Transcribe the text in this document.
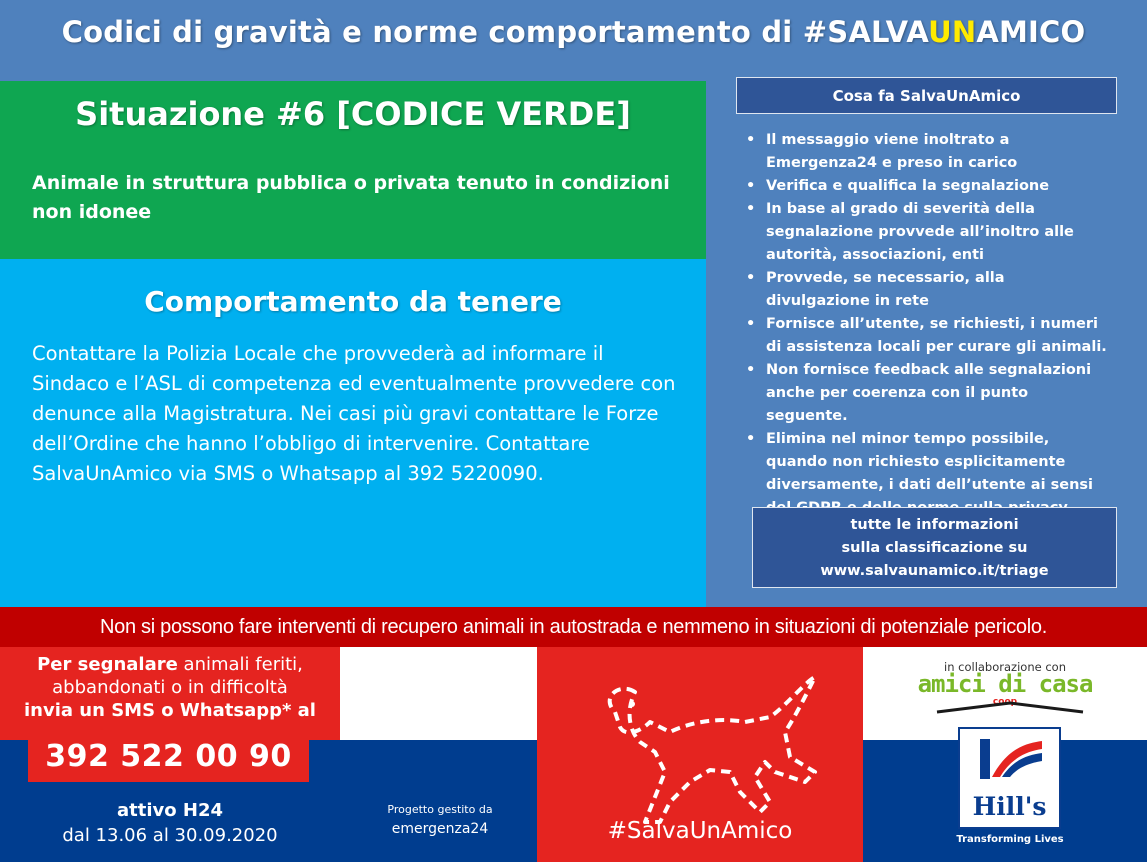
Codici di gravità e norme comportamento di #SALVAUNAMICO
Situazione #6 [CODICE VERDE]

Animale in struttura pubblica o privata tenuto in condizioni non idonee

Comportamento da tenere

Contattare la Polizia Locale che provvederà ad informare il Sindaco e l’ASL di competenza ed eventualmente provvedere con denunce alla Magistratura. Nei casi più gravi contattare le Forze dell’Ordine che hanno l’obbligo di intervenire. Contattare SalvaUnAmico via SMS o Whatsapp al 392 5220090.

Cosa fa SalvaUnAmico
• Il messaggio viene inoltrato a Emergenza24 e preso in carico
• Verifica e qualifica la segnalazione
• In base al grado di severità della segnalazione provvede all’inoltro alle autorità, associazioni, enti
• Provvede, se necessario, alla divulgazione in rete
• Fornisce all’utente, se richiesti, i numeri di assistenza locali per curare gli animali.
• Non fornisce feedback alle segnalazioni anche per coerenza con il punto seguente.
• Elimina nel minor tempo possibile, quando non richiesto esplicitamente diversamente, i dati dell’utente ai sensi
tutte le informazioni
sulla classificazione su
www.salvaunamico.it/triage
Non si possono fare interventi di recupero animali in autostrada e nemmeno in situazioni di potenziale pericolo.
Per segnalare animali feriti,
abbandonati o in difficoltà
invia un SMS o Whatsapp* al
392 522 00 90
attivo H24
dal 13.06 al 30.09.2020
Progetto gestito da
emergenza24	#SalvaUnAmico
in collaborazione con
amici di casa
coop
Hill's
Transforming Lives
